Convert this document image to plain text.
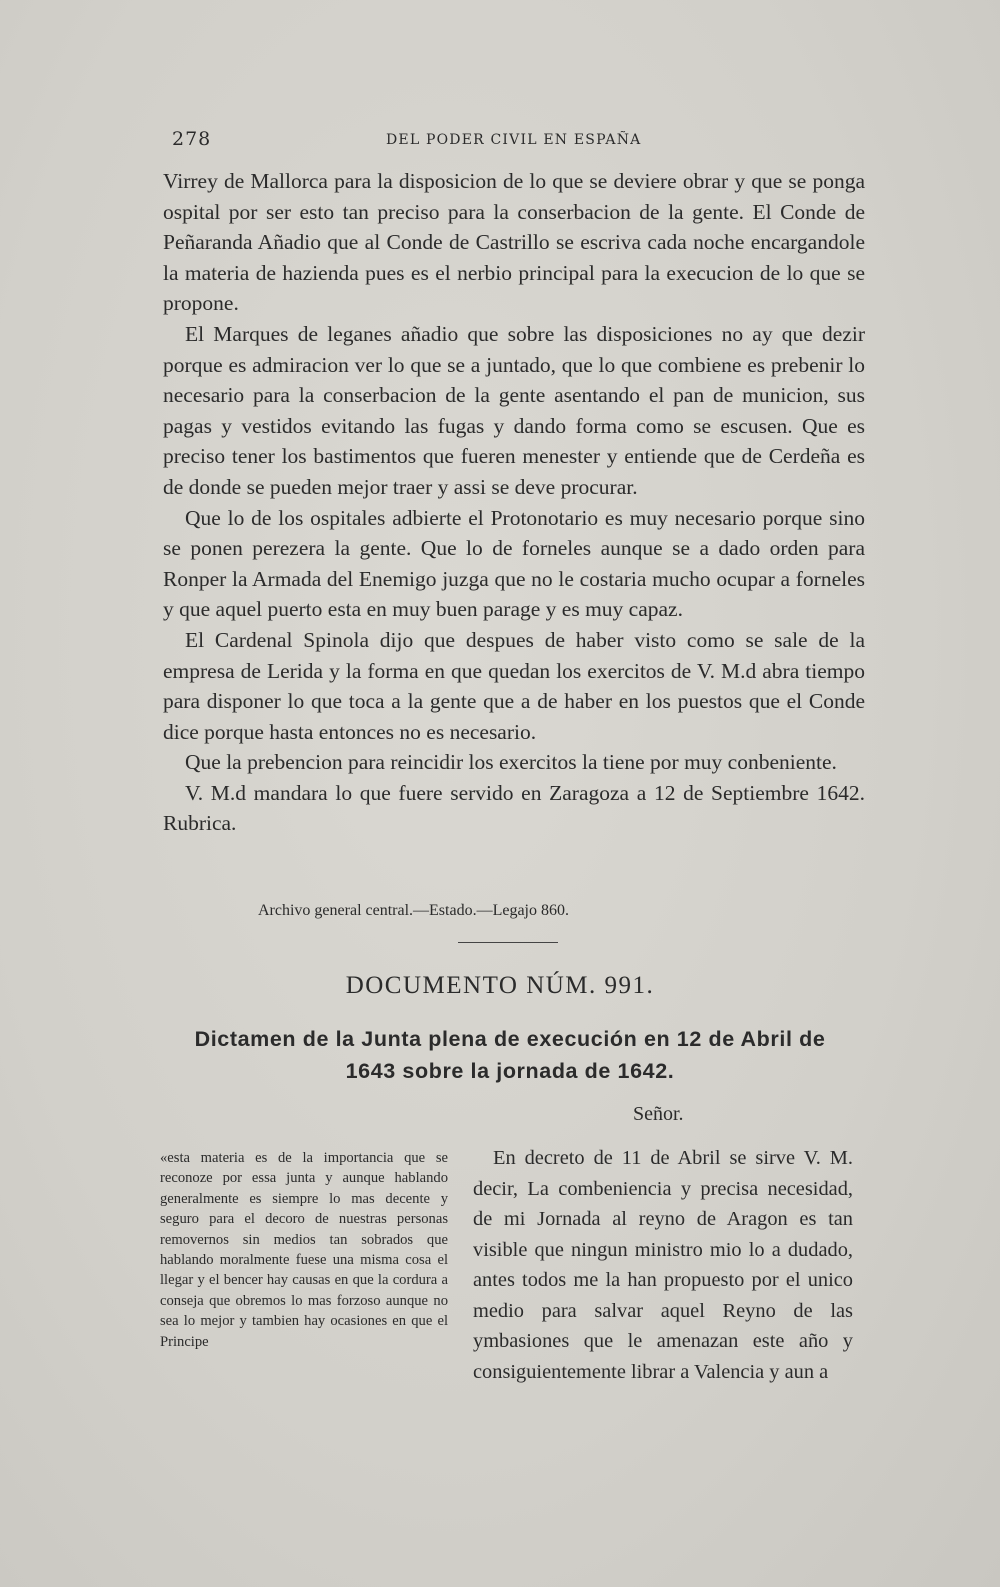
278	DEL PODER CIVIL EN ESPAÑA

Virrey de Mallorca para la disposicion de lo que se deviere obrar y que se ponga ospital por ser esto tan preciso para la conserbacion de la gente. El Conde de Peñaranda Añadio que al Conde de Castrillo se escriva cada noche encargandole la materia de hazienda pues es el nerbio principal para la execucion de lo que se propone.

El Marques de leganes añadio que sobre las disposiciones no ay que dezir porque es admiracion ver lo que se a juntado, que lo que combiene es prebenir lo necesario para la conserbacion de la gente asentando el pan de municion, sus pagas y vestidos evitando las fugas y dando forma como se escusen. Que es preciso tener los bastimentos que fueren menester y entiende que de Cerdeña es de donde se pueden mejor traer y assi se deve procurar.

Que lo de los ospitales adbierte el Protonotario es muy necesario porque sino se ponen perezera la gente. Que lo de forneles aunque se a dado orden para Ronper la Armada del Enemigo juzga que no le costaria mucho ocupar a forneles y que aquel puerto esta en muy buen parage y es muy capaz.

El Cardenal Spinola dijo que despues de haber visto como se sale de la empresa de Lerida y la forma en que quedan los exercitos de V. M.d abra tiempo para disponer lo que toca a la gente que a de haber en los puestos que el Conde dice porque hasta entonces no es necesario.

Que la prebencion para reincidir los exercitos la tiene por muy conbeniente.

V. M.d mandara lo que fuere servido en Zaragoza a 12 de Septiembre 1642. Rubrica.

Archivo general central.—Estado.—Legajo 860.
DOCUMENTO NÚM. 991.
Dictamen de la Junta plena de execución en 12 de Abril de
1643 sobre la jornada de 1642.
Señor.
«esta materia es de la importancia que se reconoze por essa junta y aunque hablando generalmente es siempre lo mas decente y seguro para el decoro de nuestras personas removernos sin medios tan sobrados que hablando moralmente fuese una misma cosa el llegar y el bencer hay causas en que la cordura a conseja que obremos lo mas forzoso aunque no sea lo mejor y tambien hay ocasiones en que el Principe

En decreto de 11 de Abril se sirve V. M. decir, La combeniencia y precisa necesidad, de mi Jornada al reyno de Aragon es tan visible que ningun ministro mio lo a dudado, antes todos me la han propuesto por el unico medio para salvar aquel Reyno de las ymbasiones que le amenazan este año y consiguientemente librar a Valencia y aun a
